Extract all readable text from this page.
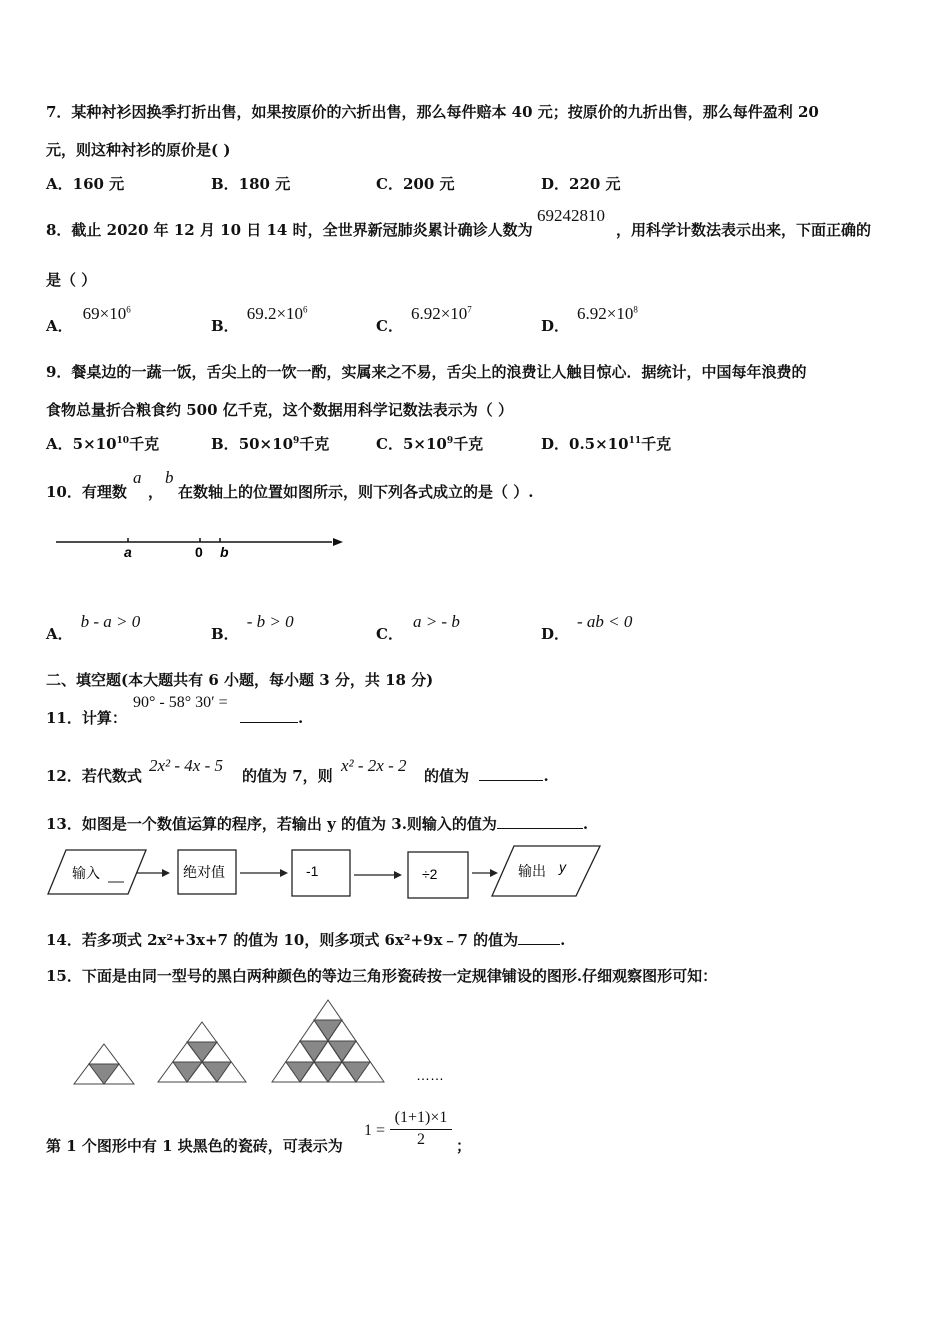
7．某种衬衫因换季打折出售，如果按原价的六折出售，那么每件赔本 40 元；按原价的九折出售，那么每件盈利 20
元，则这种衬衫的原价是( )
A．160 元	B．180 元	C．200 元	D．220 元
8．截止 2020 年 12 月 10 日 14 时，全世界新冠肺炎累计确诊人数为
69242810
，用科学计数法表示出来，下面正确的
是（ ）
A．$69\times 10^6$
B．$69.2\times 10^6$
C．$6.92\times 10^7$
D．$6.92\times 10^8$
9．餐桌边的一蔬一饭，舌尖上的一饮一酌，实属来之不易，舌尖上的浪费让人触目惊心．据统计，中国每年浪费的
食物总量折合粮食约 500 亿千克，这个数据用科学记数法表示为（ ）
A．$5\times 10^{10}$千克	B．$50\times 10^9$千克	C．$5\times 10^9$千克	D．$0.5\times 10^{11}$千克
10．有理数
a
，
b
在数轴上的位置如图所示，则下列各式成立的是（ ）.
a	0 b
A．b - a > 0
B．- b > 0
C．a > - b
D．- ab < 0
二、填空题(本大题共有 6 小题，每小题 3 分，共 18 分)
11．计算：
90° - 58° 30′ =
.
12．若代数式
2x² - 4x - 5
的值为 7，则
x² - 2x - 2
的值为	.
13．如图是一个数值运算的程序，若输出 y 的值为 3.则输入的值为	.
输入	绝对值	-1	÷2	输出 y
14．若多项式 2x²+3x+7 的值为 10，则多项式 6x²+9x﹣7 的值为	.
15．下面是由同一型号的黑白两种颜色的等边三角形瓷砖按一定规律铺设的图形.仔细观察图形可知：
……
第 1 个图形中有 1 块黑色的瓷砖，可表示为
1 =
(1+1)×1
2	；
